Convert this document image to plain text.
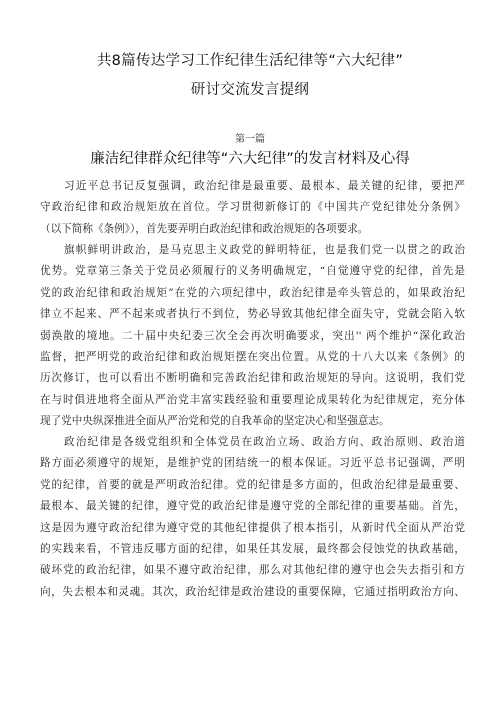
共8篇传达学习工作纪律生活纪律等“六大纪律”
研讨交流发言提纲
第一篇
廉洁纪律群众纪律等“六大纪律”的发言材料及心得
习近平总书记反复强调，政治纪律是最重要、最根本、最关键的纪律，要把严
守政治纪律和政治规矩放在首位。学习贯彻新修订的《中国共产党纪律处分条例》
（以下简称《条例》），首先要弄明白政治纪律和政治规矩的各项要求。
旗帜鲜明讲政治，是马克思主义政党的鲜明特征，也是我们党一以贯之的政治
优势。党章第三条关于党员必须履行的义务明确规定，“自觉遵守党的纪律，首先是
党的政治纪律和政治规矩”在党的六项纪律中，政治纪律是牵头管总的，如果政治纪
律立不起来、严不起来或者执行不到位，势必导致其他纪律全面失守，党就会陷入软
弱涣散的境地。二十届中央纪委三次全会再次明确要求，突出'' 两个维护“深化政治
监督，把严明党的政治纪律和政治规矩摆在突出位置。从党的十八大以来《条例》的
历次修订，也可以看出不断明确和完善政治纪律和政治规矩的导向。这说明，我们党
在与时俱进地将全面从严治党丰富实践经验和重要理论成果转化为纪律规定，充分体
现了党中央纵深推进全面从严治党和党的自我革命的坚定决心和坚强意志。
政治纪律是各级党组织和全体党员在政治立场、政治方向、政治原则、政治道
路方面必须遵守的规矩，是维护党的团结统一的根本保证。习近平总书记强调，严明
党的纪律，首要的就是严明政治纪律。党的纪律是多方面的，但政治纪律是最重要、
最根本、最关键的纪律，遵守党的政治纪律是遵守党的全部纪律的重要基础。首先，
这是因为遵守政治纪律为遵守党的其他纪律提供了根本指引，从新时代全面从严治党
的实践来看，不管违反哪方面的纪律，如果任其发展，最终都会侵蚀党的执政基础，
破坏党的政治纪律，如果不遵守政治纪律，那么对其他纪律的遵守也会失去指引和方
向，失去根本和灵魂。其次，政治纪律是政治建设的重要保障，它通过指明政治方向、
